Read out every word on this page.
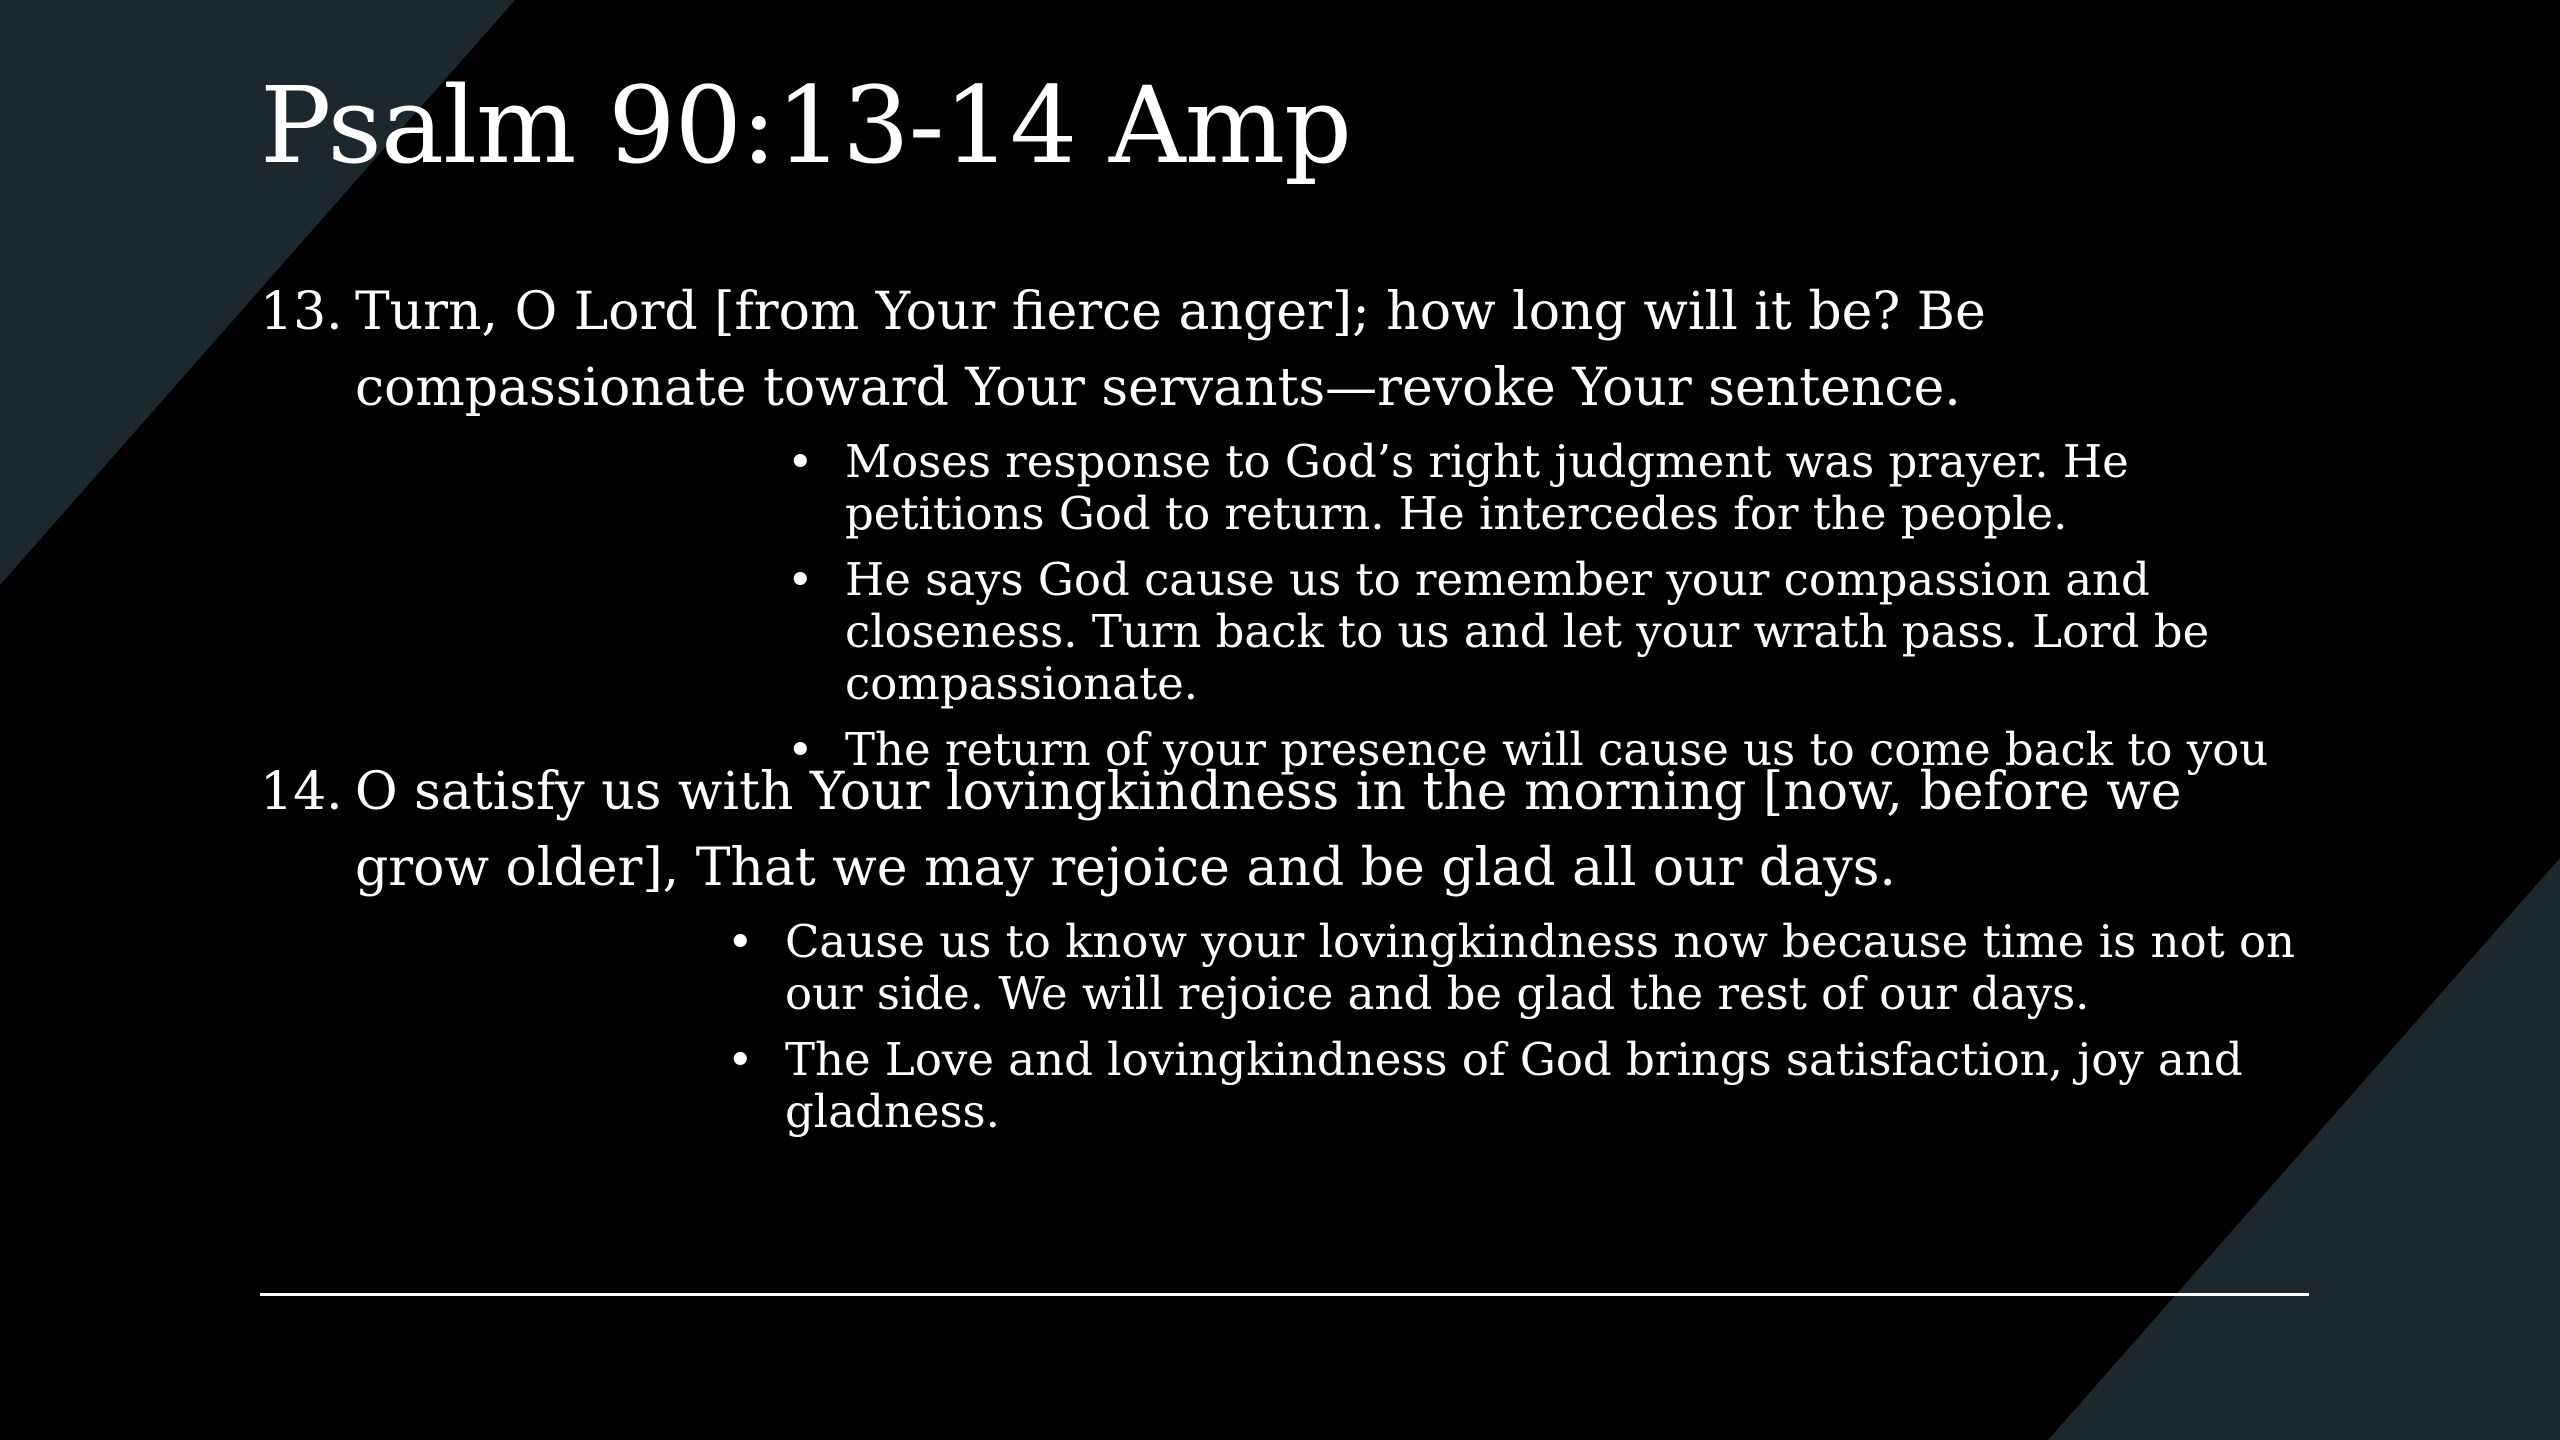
Psalm 90:13-14 Amp
13. Turn, O Lord [from Your fierce anger]; how long will it be? Be compassionate toward Your servants—revoke Your sentence.
• Moses response to God’s right judgment was prayer. He petitions God to return. He intercedes for the people.
• He says God cause us to remember your compassion and closeness. Turn back to us and let your wrath pass. Lord be compassionate.
• The return of your presence will cause us to come back to you
14. O satisfy us with Your lovingkindness in the morning [now, before we grow older], That we may rejoice and be glad all our days.
• Cause us to know your lovingkindness now because time is not on our side. We will rejoice and be glad the rest of our days.
• The Love and lovingkindness of God brings satisfaction, joy and gladness.
